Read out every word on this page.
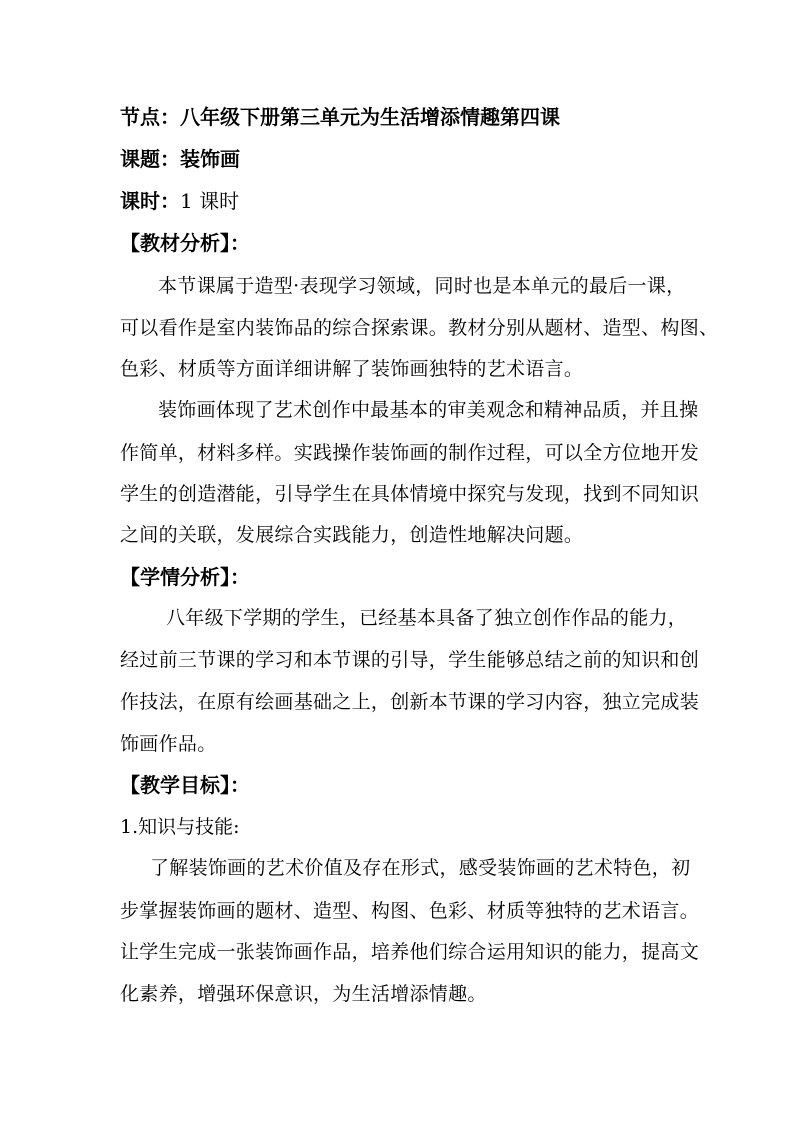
节点：八年级下册第三单元为生活增添情趣第四课
课题：装饰画
课时：1 课时
【教材分析】：
本节课属于造型·表现学习领域，同时也是本单元的最后一课，
可以看作是室内装饰品的综合探索课。教材分别从题材、造型、构图、
色彩、材质等方面详细讲解了装饰画独特的艺术语言。
装饰画体现了艺术创作中最基本的审美观念和精神品质，并且操
作简单，材料多样。实践操作装饰画的制作过程，可以全方位地开发
学生的创造潜能，引导学生在具体情境中探究与发现，找到不同知识
之间的关联，发展综合实践能力，创造性地解决问题。
【学情分析】：
八年级下学期的学生，已经基本具备了独立创作作品的能力，
经过前三节课的学习和本节课的引导，学生能够总结之前的知识和创
作技法，在原有绘画基础之上，创新本节课的学习内容，独立完成装
饰画作品。
【教学目标】：
1.知识与技能:
了解装饰画的艺术价值及存在形式，感受装饰画的艺术特色，初
步掌握装饰画的题材、造型、构图、色彩、材质等独特的艺术语言。
让学生完成一张装饰画作品，培养他们综合运用知识的能力，提高文
化素养，增强环保意识，为生活增添情趣。
